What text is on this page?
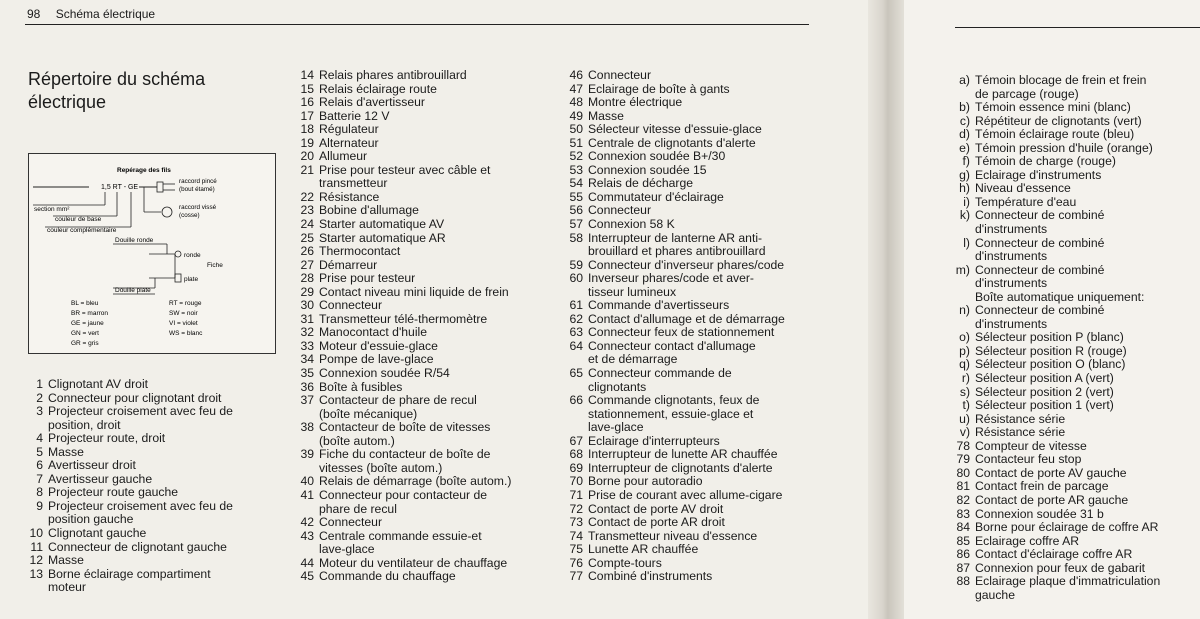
98 Schéma électrique
Répertoire du schéma
électrique
Repérage des fils
1,5 RT - GE
section mm²
couleur de base
couleur complémentaire
raccord pincé
(bout étamé)
raccord vissé
(cosse)
Douille ronde
ronde
Fiche
plate
Douille plate
BL = bleu
BR = marron
GE = jaune
GN = vert
GR = gris
RT = rouge
SW = noir
VI = violet
WS = blanc
1 Clignotant AV droit
2 Connecteur pour clignotant droit
3 Projecteur croisement avec feu de
position, droit
4 Projecteur route, droit
5 Masse
6 Avertisseur droit
7 Avertisseur gauche
8 Projecteur route gauche
9 Projecteur croisement avec feu de
position gauche
10 Clignotant gauche
11 Connecteur de clignotant gauche
12 Masse
13 Borne éclairage compartiment
moteur
14 Relais phares antibrouillard
15 Relais éclairage route
16 Relais d'avertisseur
17 Batterie 12 V
18 Régulateur
19 Alternateur
20 Allumeur
21 Prise pour testeur avec câble et
transmetteur
22 Résistance
23 Bobine d'allumage
24 Starter automatique AV
25 Starter automatique AR
26 Thermocontact
27 Démarreur
28 Prise pour testeur
29 Contact niveau mini liquide de frein
30 Connecteur
31 Transmetteur télé-thermomètre
32 Manocontact d'huile
33 Moteur d'essuie-glace
34 Pompe de lave-glace
35 Connexion soudée R/54
36 Boîte à fusibles
37 Contacteur de phare de recul
(boîte mécanique)
38 Contacteur de boîte de vitesses
(boîte autom.)
39 Fiche du contacteur de boîte de
vitesses (boîte autom.)
40 Relais de démarrage (boîte autom.)
41 Connecteur pour contacteur de
phare de recul
42 Connecteur
43 Centrale commande essuie-et
lave-glace
44 Moteur du ventilateur de chauffage
45 Commande du chauffage
46 Connecteur
47 Eclairage de boîte à gants
48 Montre électrique
49 Masse
50 Sélecteur vitesse d'essuie-glace
51 Centrale de clignotants d'alerte
52 Connexion soudée B+/30
53 Connexion soudée 15
54 Relais de décharge
55 Commutateur d'éclairage
56 Connecteur
57 Connexion 58 K
58 Interrupteur de lanterne AR anti-
brouillard et phares antibrouillard
59 Connecteur d'inverseur phares/code
60 Inverseur phares/code et aver-
tisseur lumineux
61 Commande d'avertisseurs
62 Contact d'allumage et de démarrage
63 Connecteur feux de stationnement
64 Connecteur contact d'allumage
et de démarrage
65 Connecteur commande de
clignotants
66 Commande clignotants, feux de
stationnement, essuie-glace et
lave-glace
67 Eclairage d'interrupteurs
68 Interrupteur de lunette AR chauffée
69 Interrupteur de clignotants d'alerte
70 Borne pour autoradio
71 Prise de courant avec allume-cigare
72 Contact de porte AV droit
73 Contact de porte AR droit
74 Transmetteur niveau d'essence
75 Lunette AR chauffée
76 Compte-tours
77 Combiné d'instruments
a) Témoin blocage de frein et frein
de parcage (rouge)
b) Témoin essence mini (blanc)
c) Répétiteur de clignotants (vert)
d) Témoin éclairage route (bleu)
e) Témoin pression d'huile (orange)
f) Témoin de charge (rouge)
g) Eclairage d'instruments
h) Niveau d'essence
i) Température d'eau
k) Connecteur de combiné
d'instruments
l) Connecteur de combiné
d'instruments
m) Connecteur de combiné
d'instruments
Boîte automatique uniquement:
n) Connecteur de combiné
d'instruments
o) Sélecteur position P (blanc)
p) Sélecteur position R (rouge)
q) Sélecteur position O (blanc)
r) Sélecteur position A (vert)
s) Sélecteur position 2 (vert)
t) Sélecteur position 1 (vert)
u) Résistance série
v) Résistance série
78 Compteur de vitesse
79 Contacteur feu stop
80 Contact de porte AV gauche
81 Contact frein de parcage
82 Contact de porte AR gauche
83 Connexion soudée 31 b
84 Borne pour éclairage de coffre AR
85 Eclairage coffre AR
86 Contact d'éclairage coffre AR
87 Connexion pour feux de gabarit
88 Eclairage plaque d'immatriculation
gauche
